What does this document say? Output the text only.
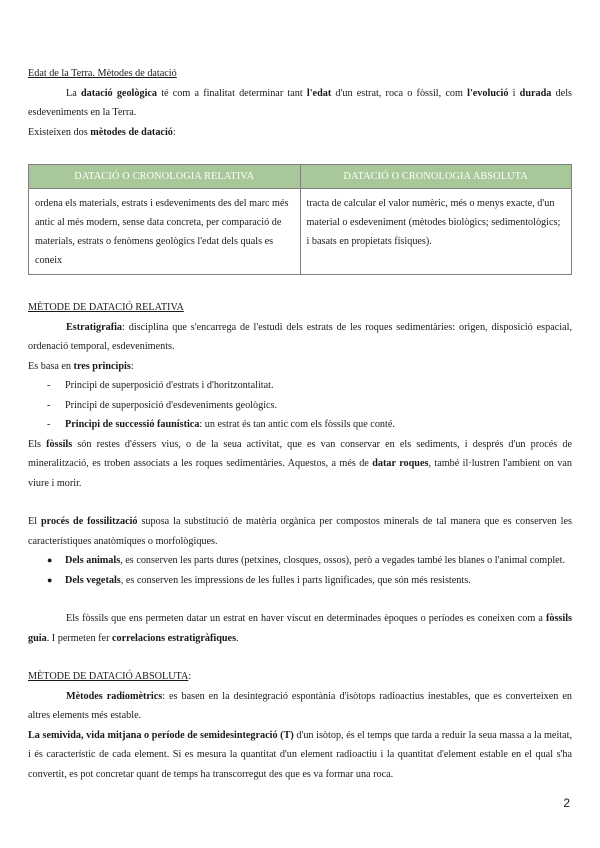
Edat de la Terra. Mètodes de datació

La datació geològica té com a finalitat determinar tant l'edat d'un estrat, roca o fòssil, com l'evolució i durada dels esdeveniments en la Terra.

Existeixen dos mètodes de datació:

DATACIÓ O CRONOLOGIA RELATIVA	DATACIÓ O CRONOLOGIA ABSOLUTA
ordena els materials, estrats i esdeveniments des del marc més antic al més modern, sense data concreta, per comparació de materials, estrats o fenòmens geològics l'edat dels quals es coneix	tracta de calcular el valor numèric, més o menys exacte, d'un material o esdeveniment (mètodes biològics; sedimentològics; i basats en propietats físiques).

MÈTODE DE DATACIÓ RELATIVA

Estratigrafia: disciplina que s'encarrega de l'estudi dels estrats de les roques sedimentàries: origen, disposició espacial, ordenació temporal, esdeveniments.

Es basa en tres principis:

- Principi de superposició d'estrats i d'horitzontalitat.
- Principi de superposició d'esdeveniments geològics.
- Principi de successió faunística: un estrat és tan antic com els fòssils que conté.

Els fòssils són restes d'éssers vius, o de la seua activitat, que es van conservar en els sediments, i després d'un procés de mineralització, es troben associats a les roques sedimentàries. Aquestos, a més de datar roques, també il·lustren l'ambient on van viure i morir.

El procés de fossilització suposa la substitució de matèria orgànica per compostos minerals de tal manera que es conserven les característiques anatòmiques o morfològiques.

● Dels animals, es conserven les parts dures (petxines, closques, ossos), però a vegades també les blanes o l'animal complet.
● Dels vegetals, es conserven les impressions de les fulles i parts lignificades, que són més resistents.

Els fòssils que ens permeten datar un estrat en haver viscut en determinades èpoques o períodes es coneixen com a fòssils guia. I permeten fer correlacions estratigràfiques.

MÈTODE DE DATACIÓ ABSOLUTA:

Mètodes radiomètrics: es basen en la desintegració espontània d'isòtops radioactius inestables, que es converteixen en altres elements més estable.

La semivida, vida mitjana o període de semidesintegració (T) d'un isòtop, és el temps que tarda a reduir la seua massa a la meitat, i és característic de cada element. Si es mesura la quantitat d'un element radioactiu i la quantitat d'element estable en el qual s'ha convertit, es pot concretar quant de temps ha transcorregut des que es va formar una roca.

2
